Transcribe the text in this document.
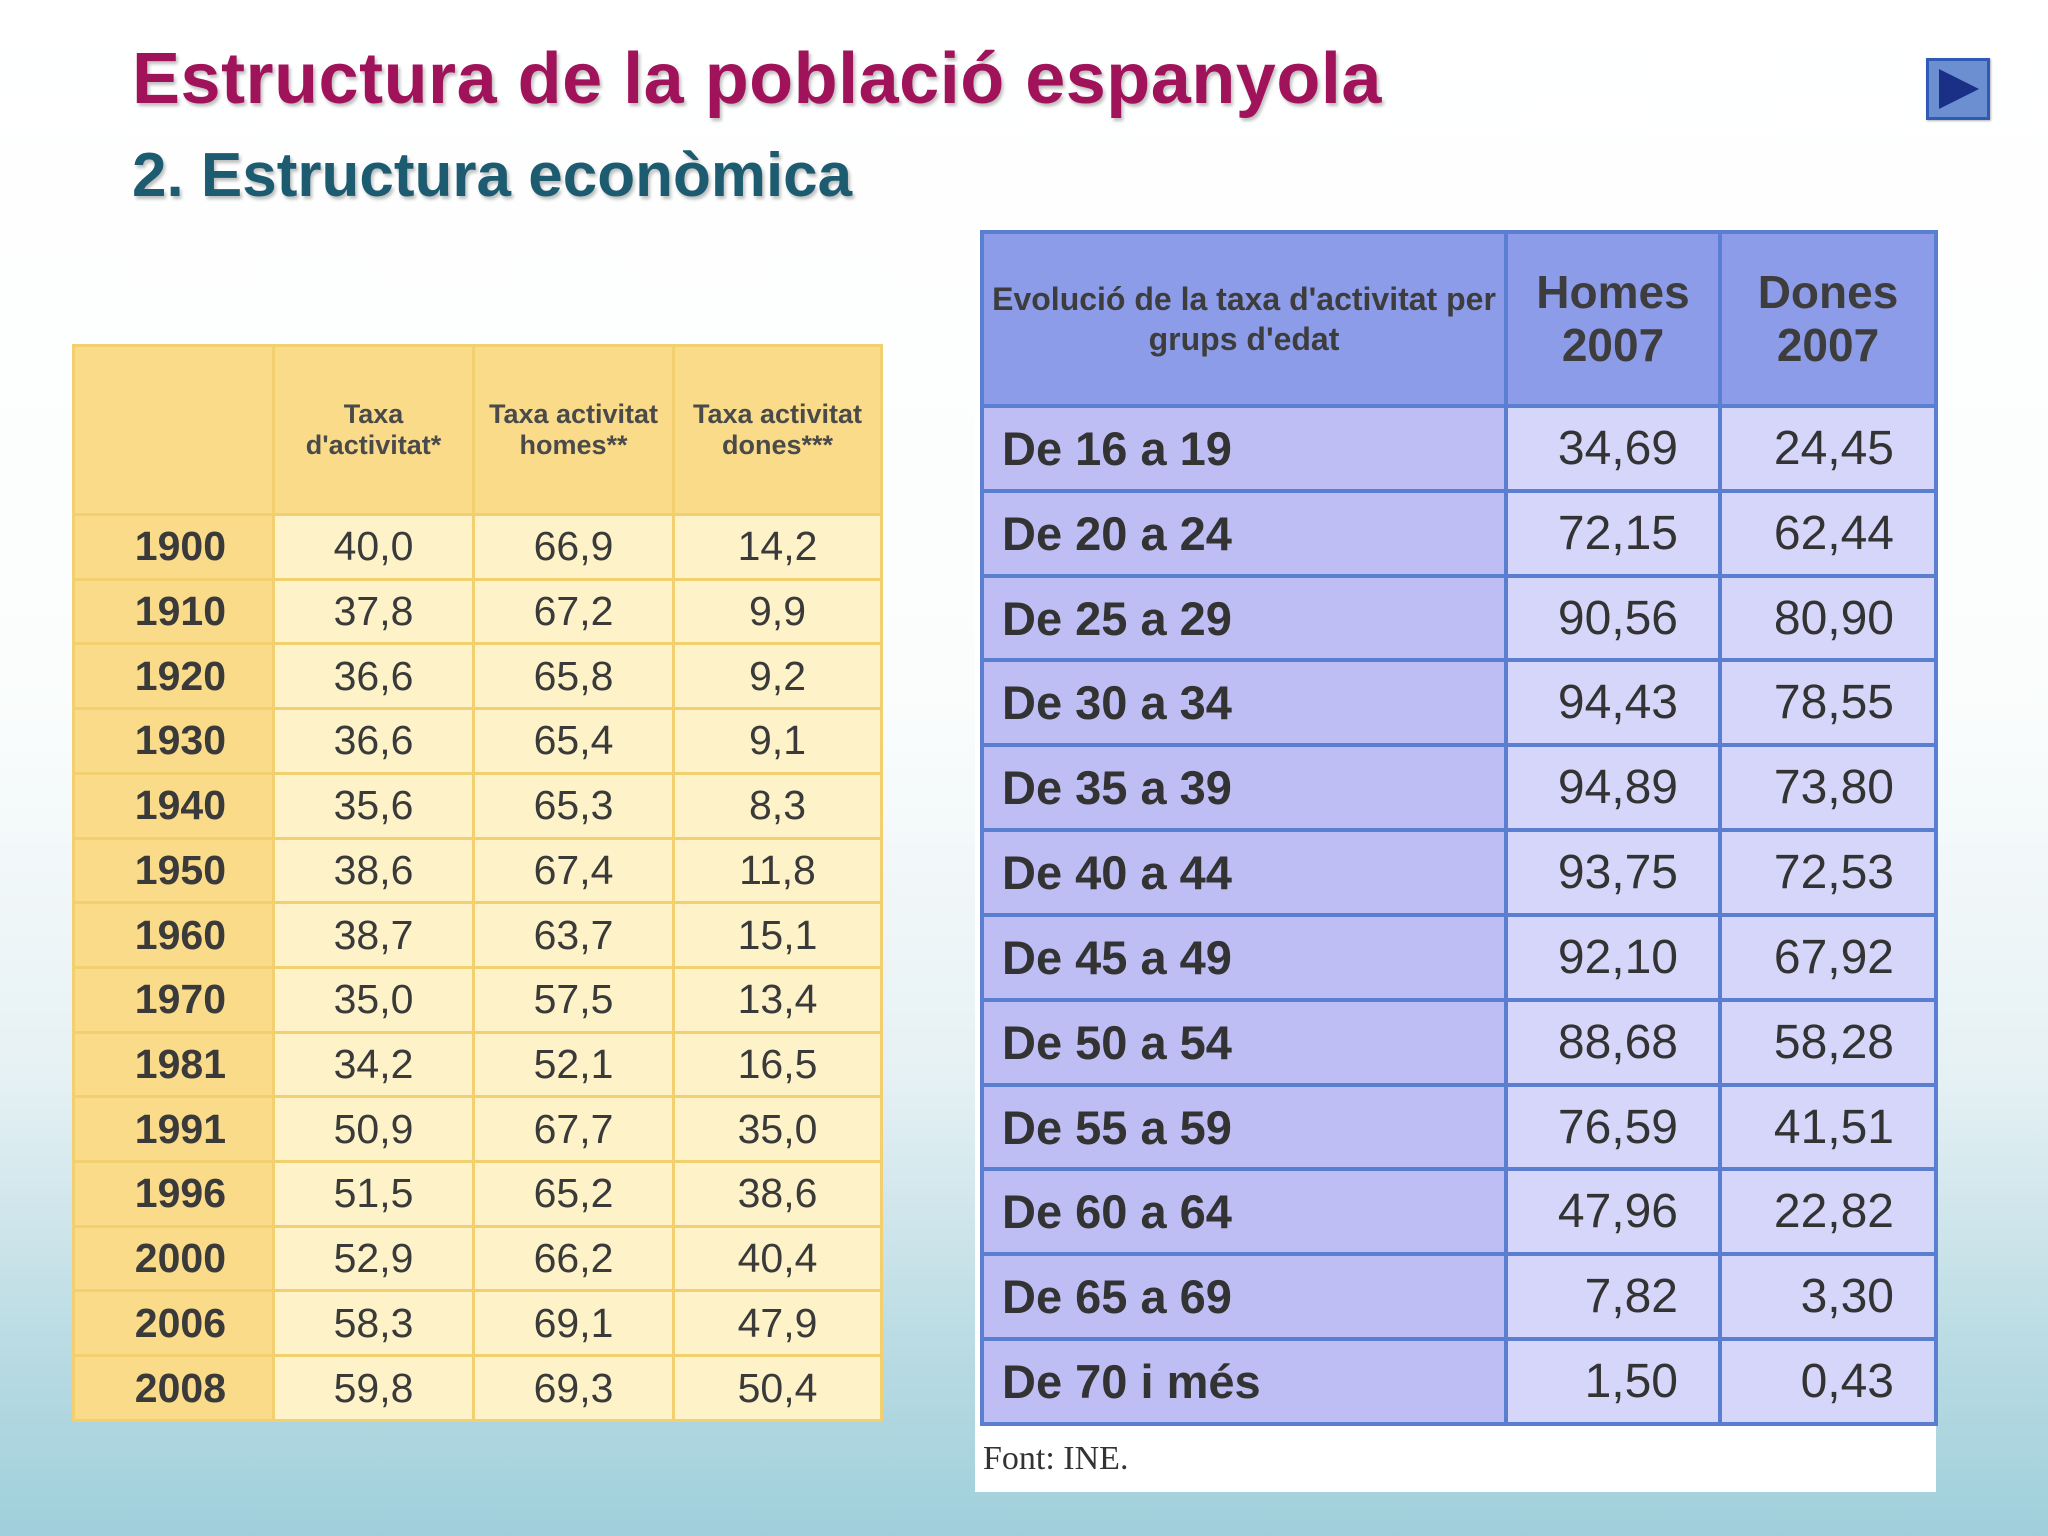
Estructura de la població espanyola
2. Estructura econòmica
	Taxa d'activitat*	Taxa activitat homes**	Taxa activitat dones***
1900	40,0	66,9	14,2
1910	37,8	67,2	9,9
1920	36,6	65,8	9,2
1930	36,6	65,4	9,1
1940	35,6	65,3	8,3
1950	38,6	67,4	11,8
1960	38,7	63,7	15,1
1970	35,0	57,5	13,4
1981	34,2	52,1	16,5
1991	50,9	67,7	35,0
1996	51,5	65,2	38,6
2000	52,9	66,2	40,4
2006	58,3	69,1	47,9
2008	59,8	69,3	50,4
Evolució de la taxa d'activitat per grups d'edat	Homes 2007	Dones 2007
De 16 a 19	34,69	24,45
De 20 a 24	72,15	62,44
De 25 a 29	90,56	80,90
De 30 a 34	94,43	78,55
De 35 a 39	94,89	73,80
De 40 a 44	93,75	72,53
De 45 a 49	92,10	67,92
De 50 a 54	88,68	58,28
De 55 a 59	76,59	41,51
De 60 a 64	47,96	22,82
De 65 a 69	7,82	3,30
De 70 i més	1,50	0,43
Font: INE.
